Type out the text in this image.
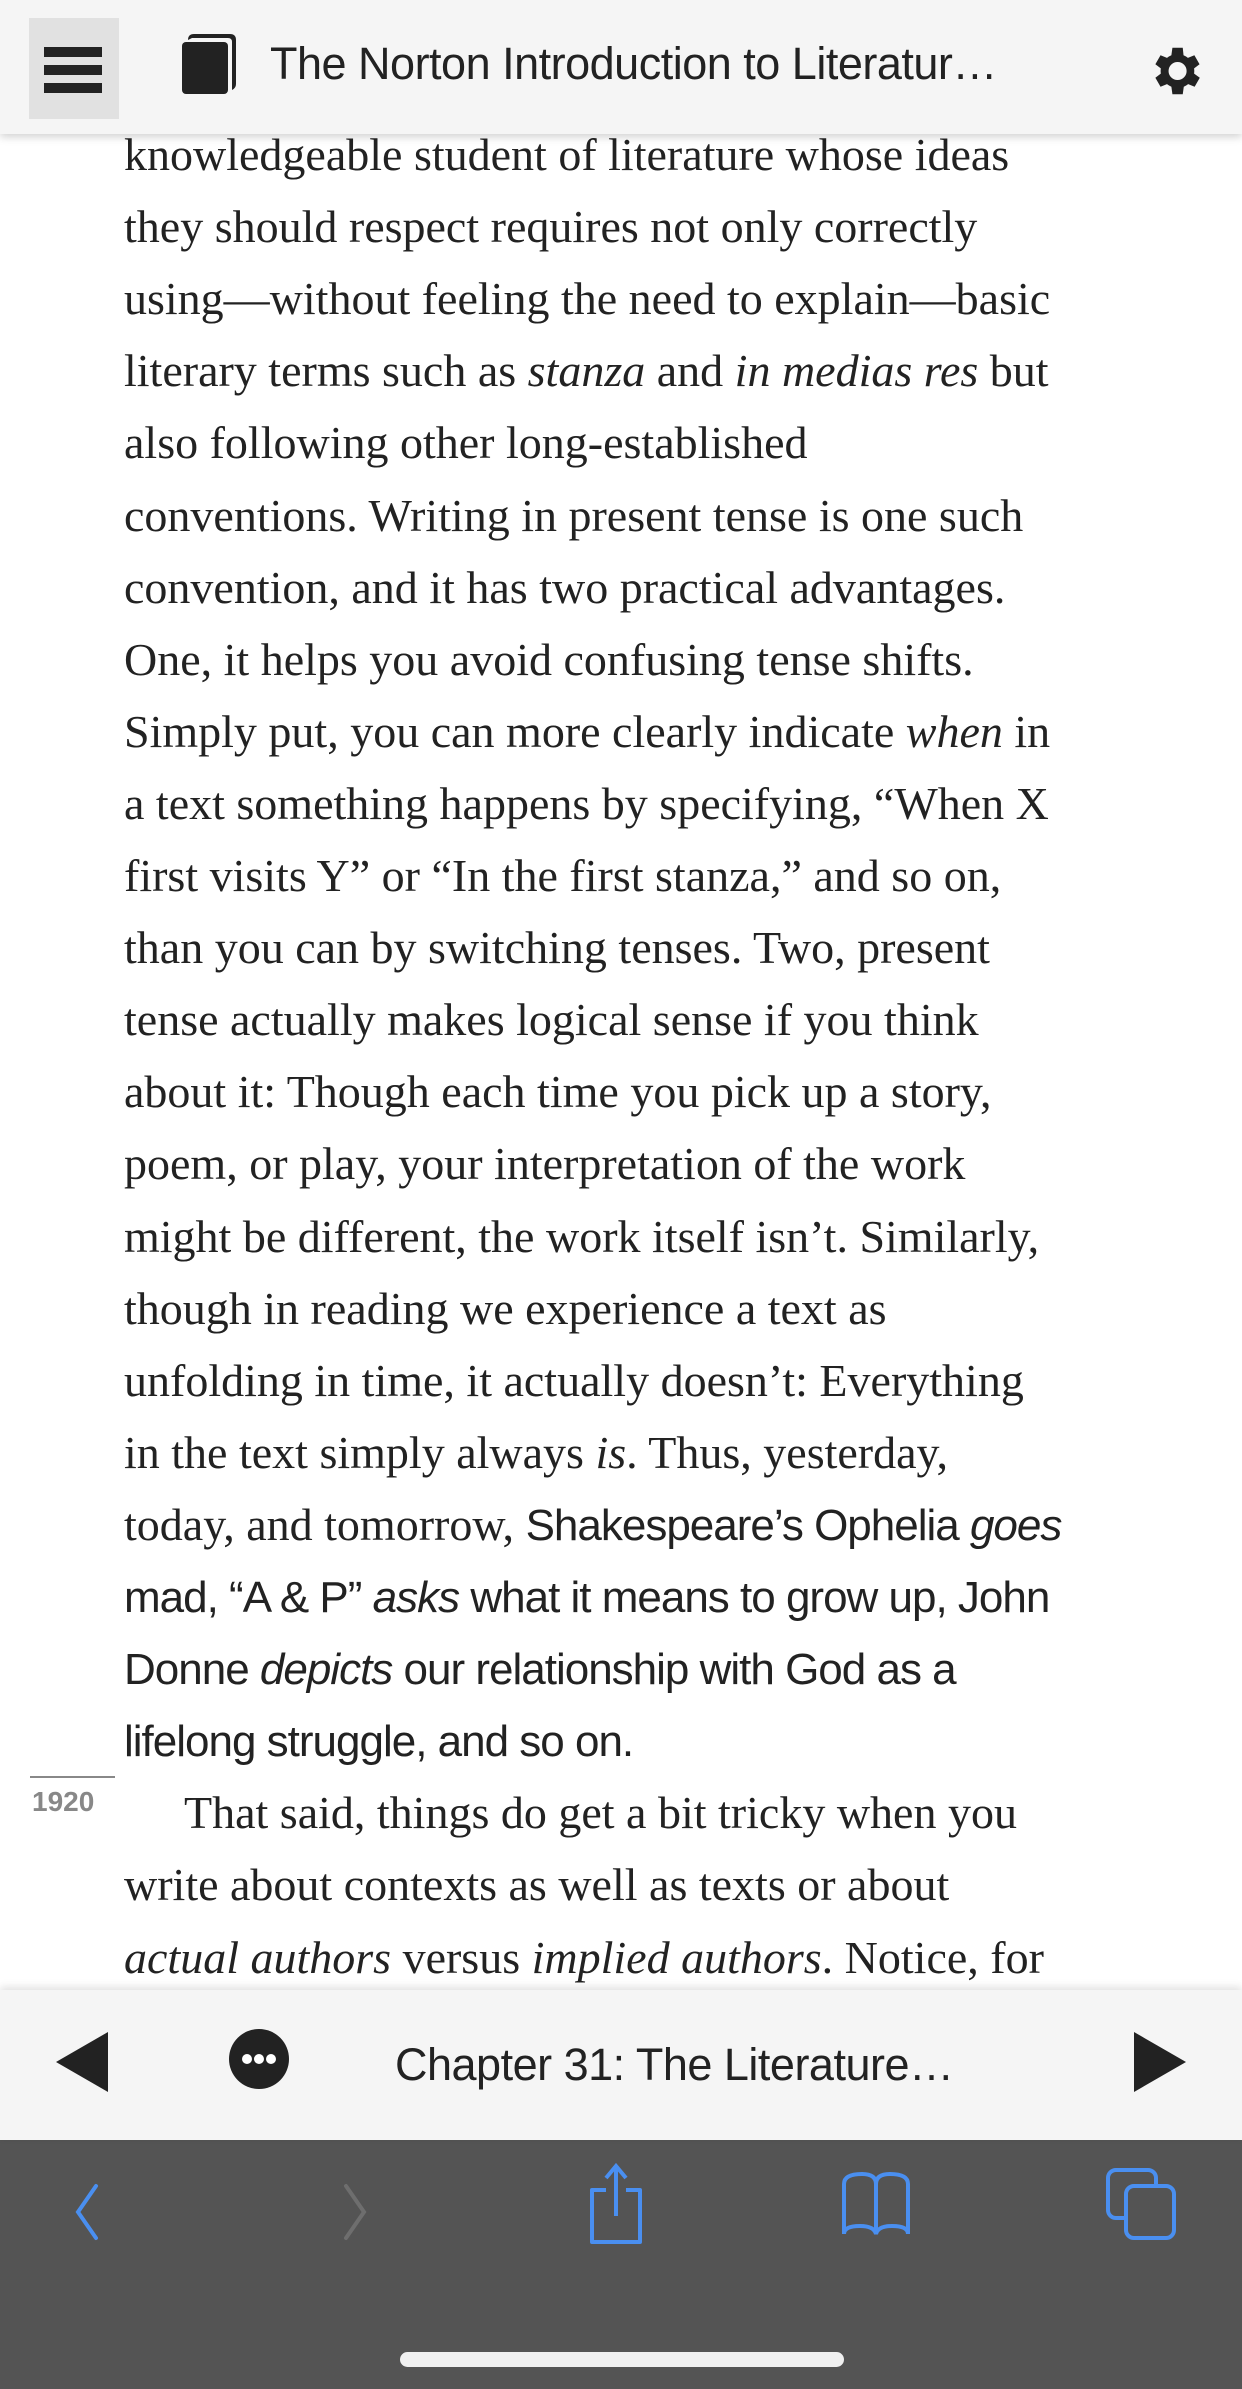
The Norton Introduction to Literatur…
knowledgeable student of literature whose ideas
they should respect requires not only correctly
using—without feeling the need to explain—basic
literary terms such as stanza and in medias res but
also following other long-established
conventions. Writing in present tense is one such
convention, and it has two practical advantages.
One, it helps you avoid confusing tense shifts.
Simply put, you can more clearly indicate when in
a text something happens by specifying, “When X
first visits Y” or “In the first stanza,” and so on,
than you can by switching tenses. Two, present
tense actually makes logical sense if you think
about it: Though each time you pick up a story,
poem, or play, your interpretation of the work
might be different, the work itself isn’t. Similarly,
though in reading we experience a text as
unfolding in time, it actually doesn’t: Everything
in the text simply always is. Thus, yesterday,
today, and tomorrow, Shakespeare’s Ophelia goes
mad, “A & P” asks what it means to grow up, John
Donne depicts our relationship with God as a
lifelong struggle, and so on.
That said, things do get a bit tricky when you
write about contexts as well as texts or about
actual authors versus implied authors. Notice, for
1920
Chapter 31: The Literature…
